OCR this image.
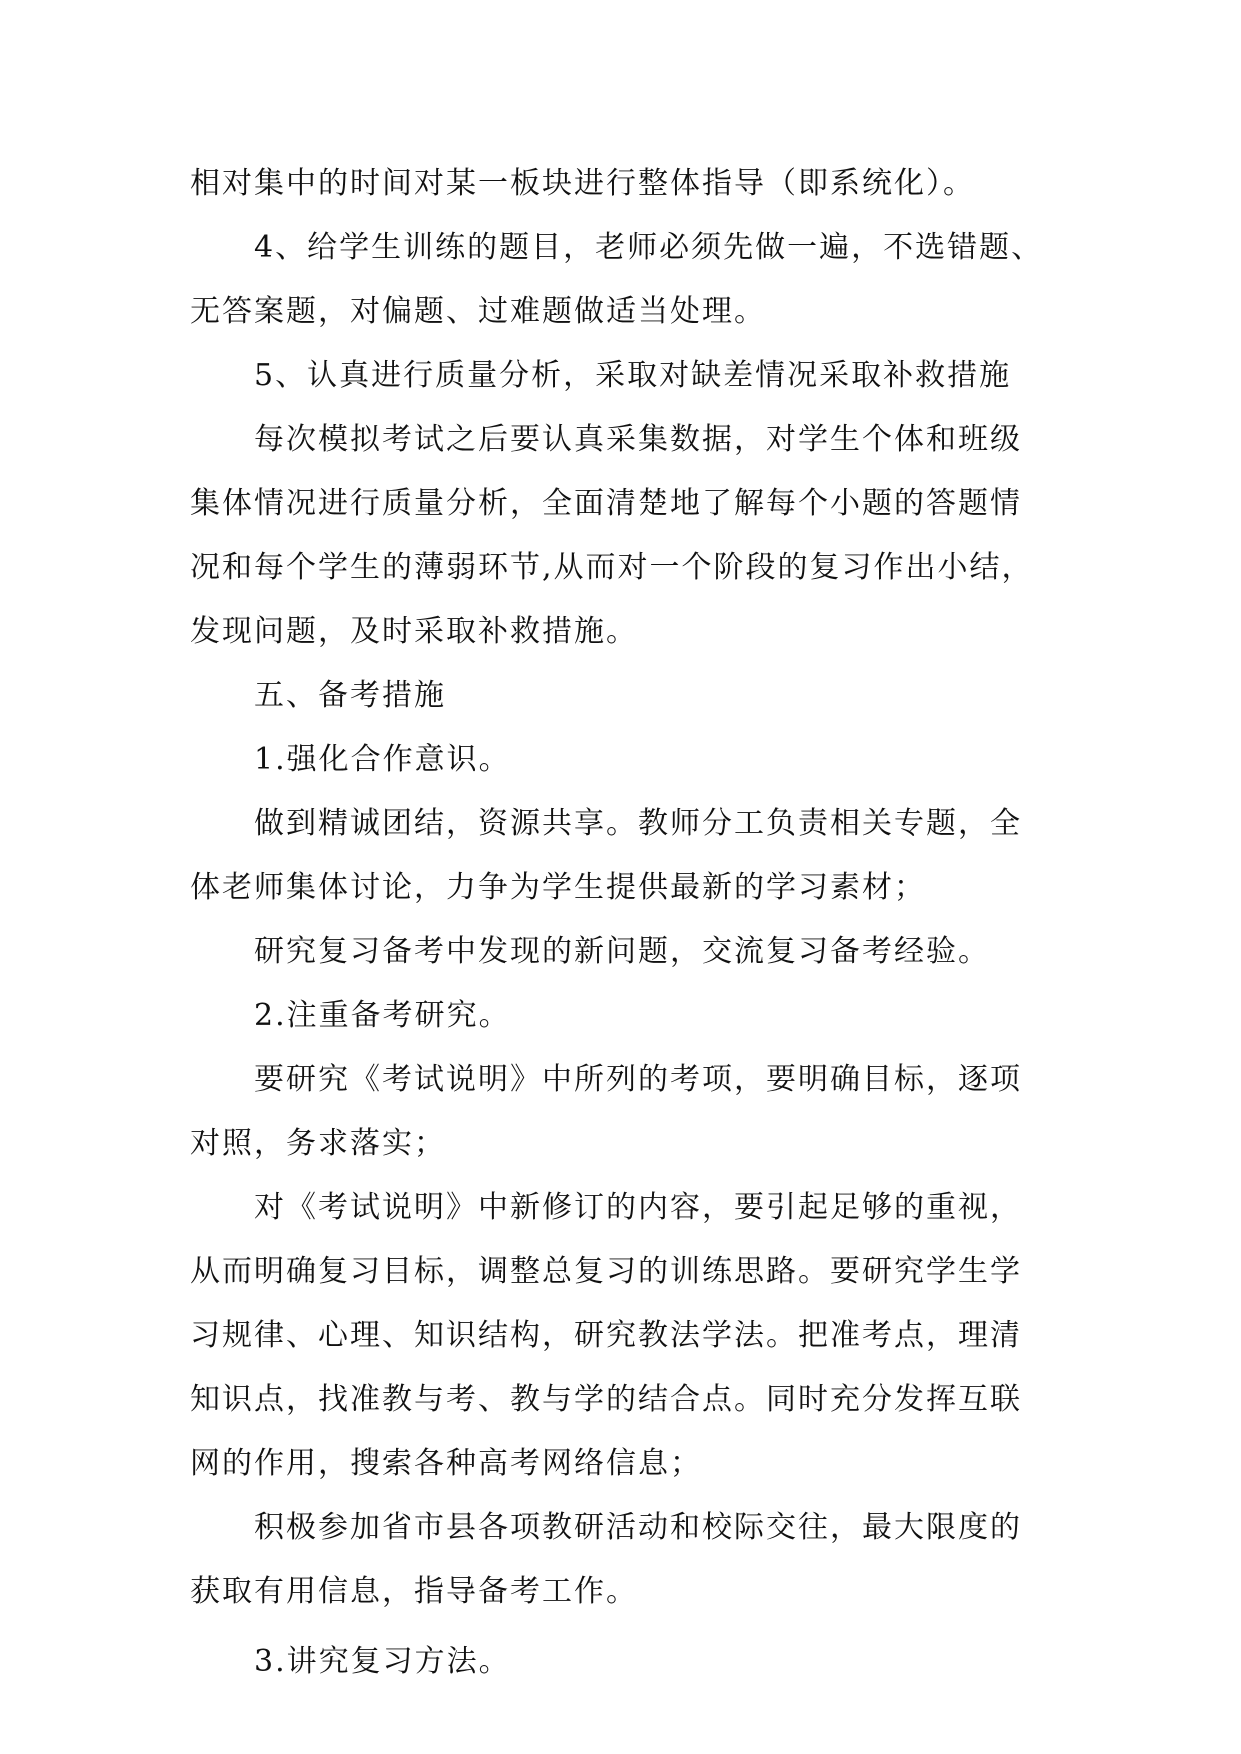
相对集中的时间对某一板块进行整体指导（即系统化）。

4、给学生训练的题目，老师必须先做一遍，不选错题、

无答案题，对偏题、过难题做适当处理。

5、认真进行质量分析，采取对缺差情况采取补救措施

每次模拟考试之后要认真采集数据，对学生个体和班级

集体情况进行质量分析，全面清楚地了解每个小题的答题情

况和每个学生的薄弱环节,从而对一个阶段的复习作出小结，

发现问题，及时采取补救措施。

五、备考措施

1.强化合作意识。

做到精诚团结，资源共享。教师分工负责相关专题，全

体老师集体讨论，力争为学生提供最新的学习素材；

研究复习备考中发现的新问题，交流复习备考经验。

2.注重备考研究。

要研究《考试说明》中所列的考项，要明确目标，逐项

对照，务求落实；

对《考试说明》中新修订的内容，要引起足够的重视，

从而明确复习目标，调整总复习的训练思路。要研究学生学

习规律、心理、知识结构，研究教法学法。把准考点，理清

知识点，找准教与考、教与学的结合点。同时充分发挥互联

网的作用，搜索各种高考网络信息；

积极参加省市县各项教研活动和校际交往，最大限度的

获取有用信息，指导备考工作。

3.讲究复习方法。
